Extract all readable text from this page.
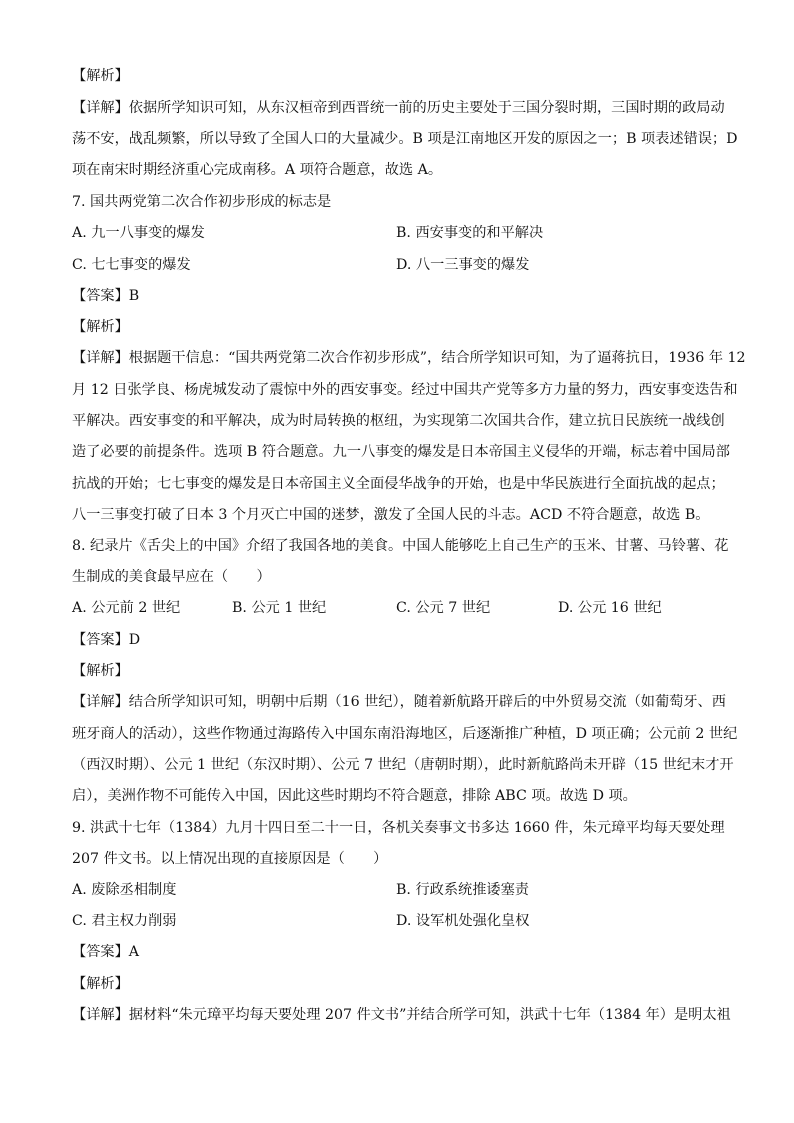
【解析】
【详解】依据所学知识可知，从东汉桓帝到西晋统一前的历史主要处于三国分裂时期，三国时期的政局动
荡不安，战乱频繁，所以导致了全国人口的大量减少。B 项是江南地区开发的原因之一；B 项表述错误；D
项在南宋时期经济重心完成南移。A 项符合题意，故选 A。
7. 国共两党第二次合作初步形成的标志是
A. 九一八事变的爆发	B. 西安事变的和平解决
C. 七七事变的爆发	D. 八一三事变的爆发
【答案】B
【解析】
【详解】根据题干信息：“国共两党第二次合作初步形成”，结合所学知识可知，为了逼蒋抗日，1936 年 12
月 12 日张学良、杨虎城发动了震惊中外的西安事变。经过中国共产党等多方力量的努力，西安事变迭告和
平解决。西安事变的和平解决，成为时局转换的枢纽，为实现第二次国共合作，建立抗日民族统一战线创
造了必要的前提条件。选项 B 符合题意。九一八事变的爆发是日本帝国主义侵华的开端，标志着中国局部
抗战的开始；七七事变的爆发是日本帝国主义全面侵华战争的开始，也是中华民族进行全面抗战的起点；
八一三事变打破了日本 3 个月灭亡中国的迷梦，激发了全国人民的斗志。ACD 不符合题意，故选 B。
8. 纪录片《舌尖上的中国》介绍了我国各地的美食。中国人能够吃上自己生产的玉米、甘薯、马铃薯、花
生制成的美食最早应在（　　）
A. 公元前 2 世纪	B. 公元 1 世纪	C. 公元 7 世纪	D. 公元 16 世纪
【答案】D
【解析】
【详解】结合所学知识可知，明朝中后期（16 世纪），随着新航路开辟后的中外贸易交流（如葡萄牙、西
班牙商人的活动），这些作物通过海路传入中国东南沿海地区，后逐渐推广种植，D 项正确；公元前 2 世纪
（西汉时期）、公元 1 世纪（东汉时期）、公元 7 世纪（唐朝时期），此时新航路尚未开辟（15 世纪末才开
启），美洲作物不可能传入中国，因此这些时期均不符合题意，排除 ABC 项。故选 D 项。
9. 洪武十七年（1384）九月十四日至二十一日，各机关奏事文书多达 1660 件，朱元璋平均每天要处理
207 件文书。以上情况出现的直接原因是（　　）
A. 废除丞相制度	B. 行政系统推诿塞责
C. 君主权力削弱	D. 设军机处强化皇权
【答案】A
【解析】
【详解】据材料“朱元璋平均每天要处理 207 件文书”并结合所学可知，洪武十七年（1384 年）是明太祖
